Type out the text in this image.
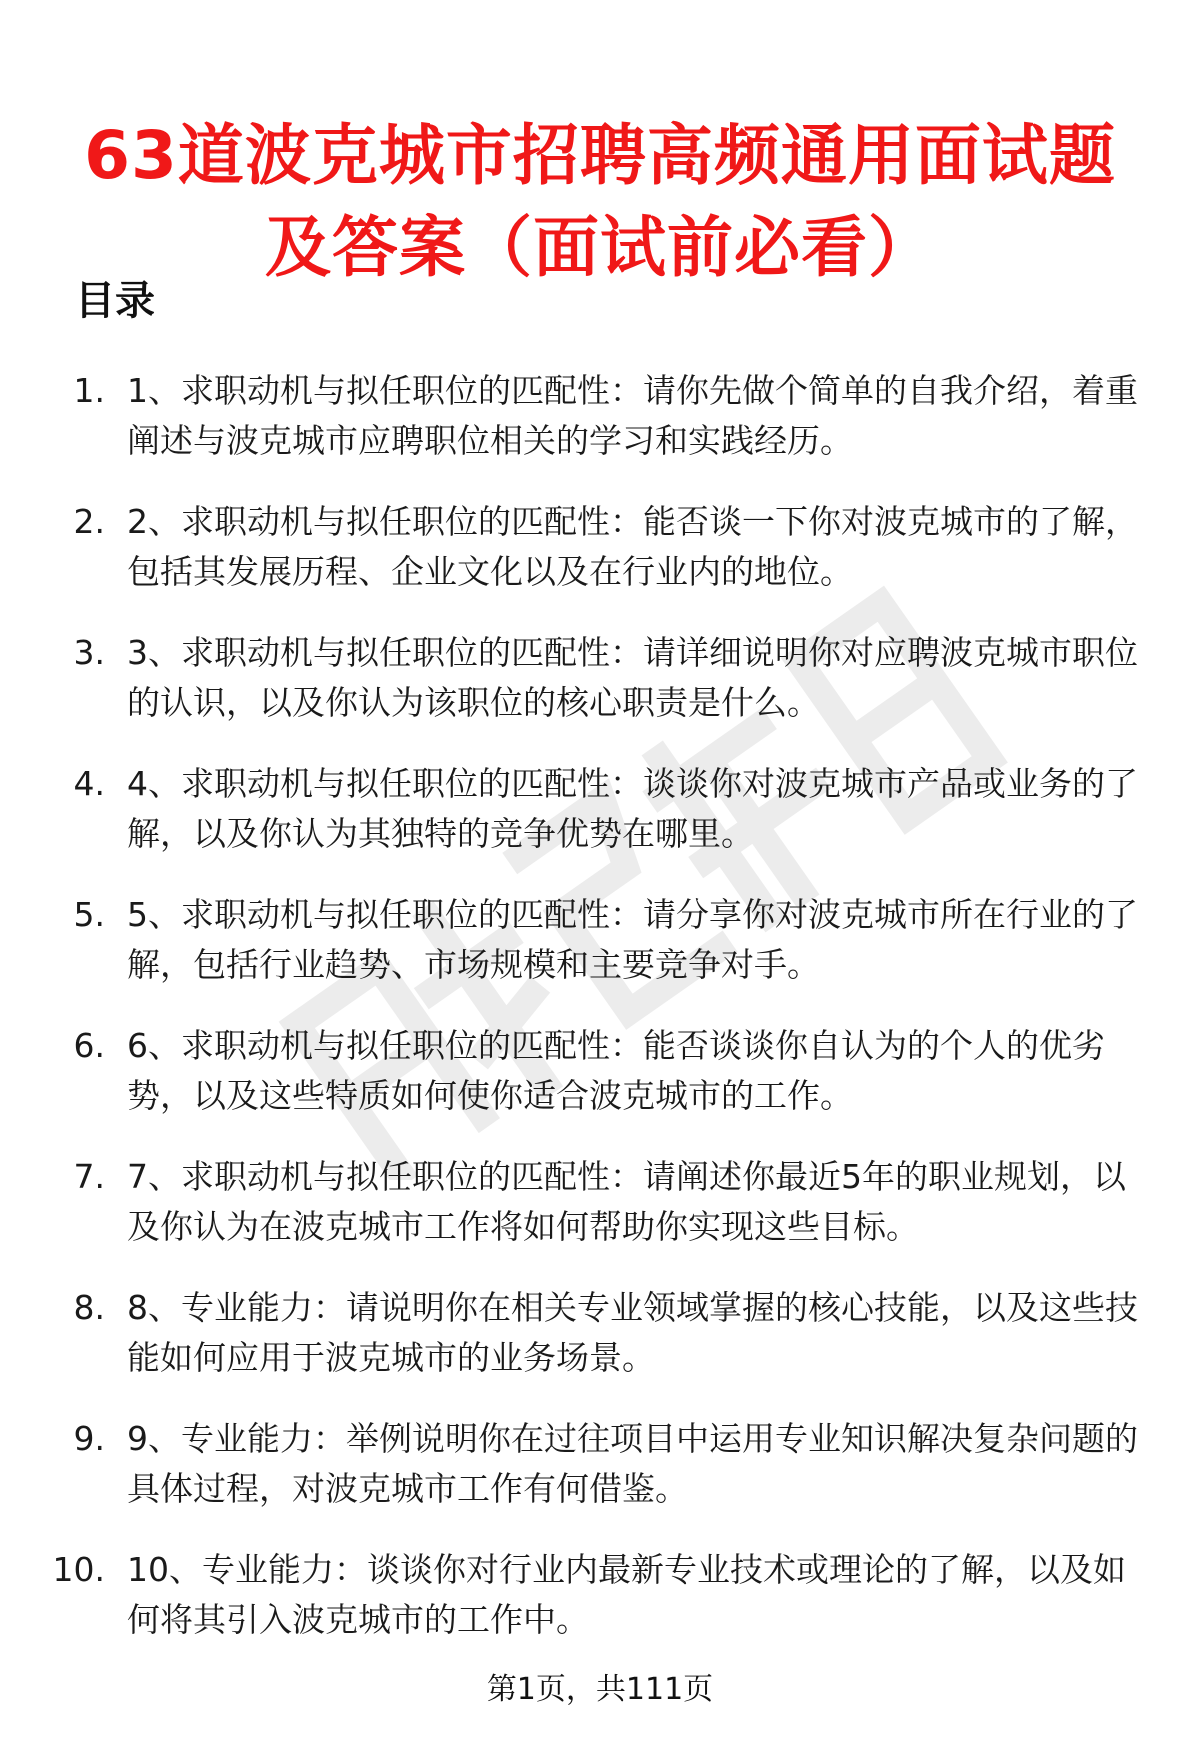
63道波克城市招聘高频通用面试题及答案（面试前必看）
目录
1. 1、求职动机与拟任职位的匹配性：请你先做个简单的自我介绍，着重阐述与波克城市应聘职位相关的学习和实践经历。
2. 2、求职动机与拟任职位的匹配性：能否谈一下你对波克城市的了解，包括其发展历程、企业文化以及在行业内的地位。
3. 3、求职动机与拟任职位的匹配性：请详细说明你对应聘波克城市职位的认识，以及你认为该职位的核心职责是什么。
4. 4、求职动机与拟任职位的匹配性：谈谈你对波克城市产品或业务的了解，以及你认为其独特的竞争优势在哪里。
5. 5、求职动机与拟任职位的匹配性：请分享你对波克城市所在行业的了解，包括行业趋势、市场规模和主要竞争对手。
6. 6、求职动机与拟任职位的匹配性：能否谈谈你自认为的个人的优劣势，以及这些特质如何使你适合波克城市的工作。
7. 7、求职动机与拟任职位的匹配性：请阐述你最近5年的职业规划，以及你认为在波克城市工作将如何帮助你实现这些目标。
8. 8、专业能力：请说明你在相关专业领域掌握的核心技能，以及这些技能如何应用于波克城市的业务场景。
9. 9、专业能力：举例说明你在过往项目中运用专业知识解决复杂问题的具体过程，对波克城市工作有何借鉴。
10. 10、专业能力：谈谈你对行业内最新专业技术或理论的了解，以及如何将其引入波克城市的工作中。
第1页，共111页
